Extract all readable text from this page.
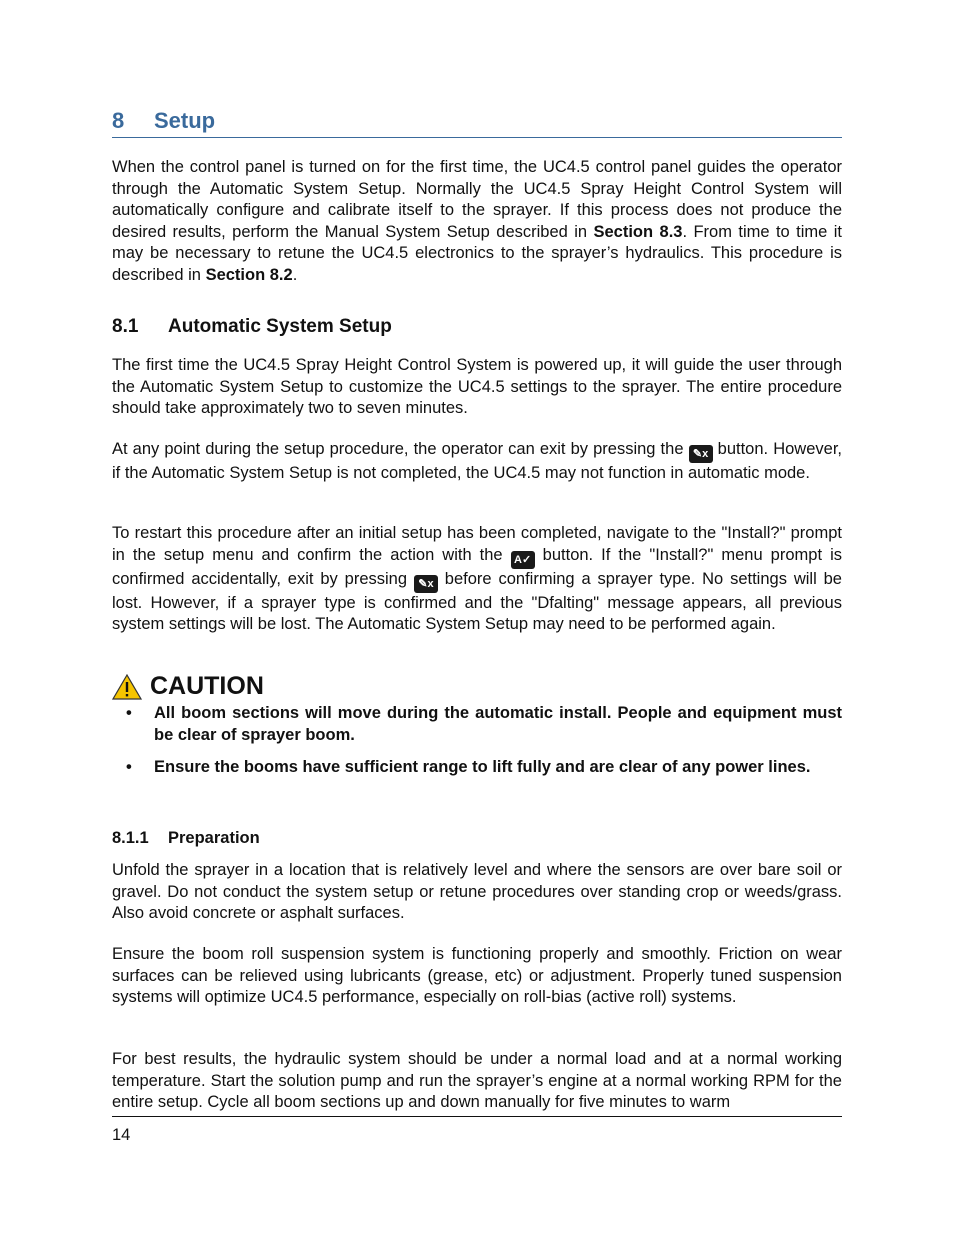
8 Setup
When the control panel is turned on for the first time, the UC4.5 control panel guides the operator through the Automatic System Setup. Normally the UC4.5 Spray Height Control System will automatically configure and calibrate itself to the sprayer. If this process does not produce the desired results, perform the Manual System Setup described in Section 8.3. From time to time it may be necessary to retune the UC4.5 electronics to the sprayer’s hydraulics. This procedure is described in Section 8.2.
8.1 Automatic System Setup
The first time the UC4.5 Spray Height Control System is powered up, it will guide the user through the Automatic System Setup to customize the UC4.5 settings to the sprayer. The entire procedure should take approximately two to seven minutes.
At any point during the setup procedure, the operator can exit by pressing the ✎x button. However, if the Automatic System Setup is not completed, the UC4.5 may not function in automatic mode.
To restart this procedure after an initial setup has been completed, navigate to the "Install?" prompt in the setup menu and confirm the action with the A✓ button. If the "Install?" menu prompt is confirmed accidentally, exit by pressing ✎x before confirming a sprayer type. No settings will be lost. However, if a sprayer type is confirmed and the "Dfalting" message appears, all previous system settings will be lost. The Automatic System Setup may need to be performed again.
CAUTION
•	All boom sections will move during the automatic install. People and equipment must be clear of sprayer boom.
•	Ensure the booms have sufficient range to lift fully and are clear of any power lines.
8.1.1 Preparation
Unfold the sprayer in a location that is relatively level and where the sensors are over bare soil or gravel. Do not conduct the system setup or retune procedures over standing crop or weeds/grass. Also avoid concrete or asphalt surfaces.
Ensure the boom roll suspension system is functioning properly and smoothly. Friction on wear surfaces can be relieved using lubricants (grease, etc) or adjustment. Properly tuned suspension systems will optimize UC4.5 performance, especially on roll-bias (active roll) systems.
For best results, the hydraulic system should be under a normal load and at a normal working temperature. Start the solution pump and run the sprayer’s engine at a normal working RPM for the entire setup. Cycle all boom sections up and down manually for five minutes to warm
14
